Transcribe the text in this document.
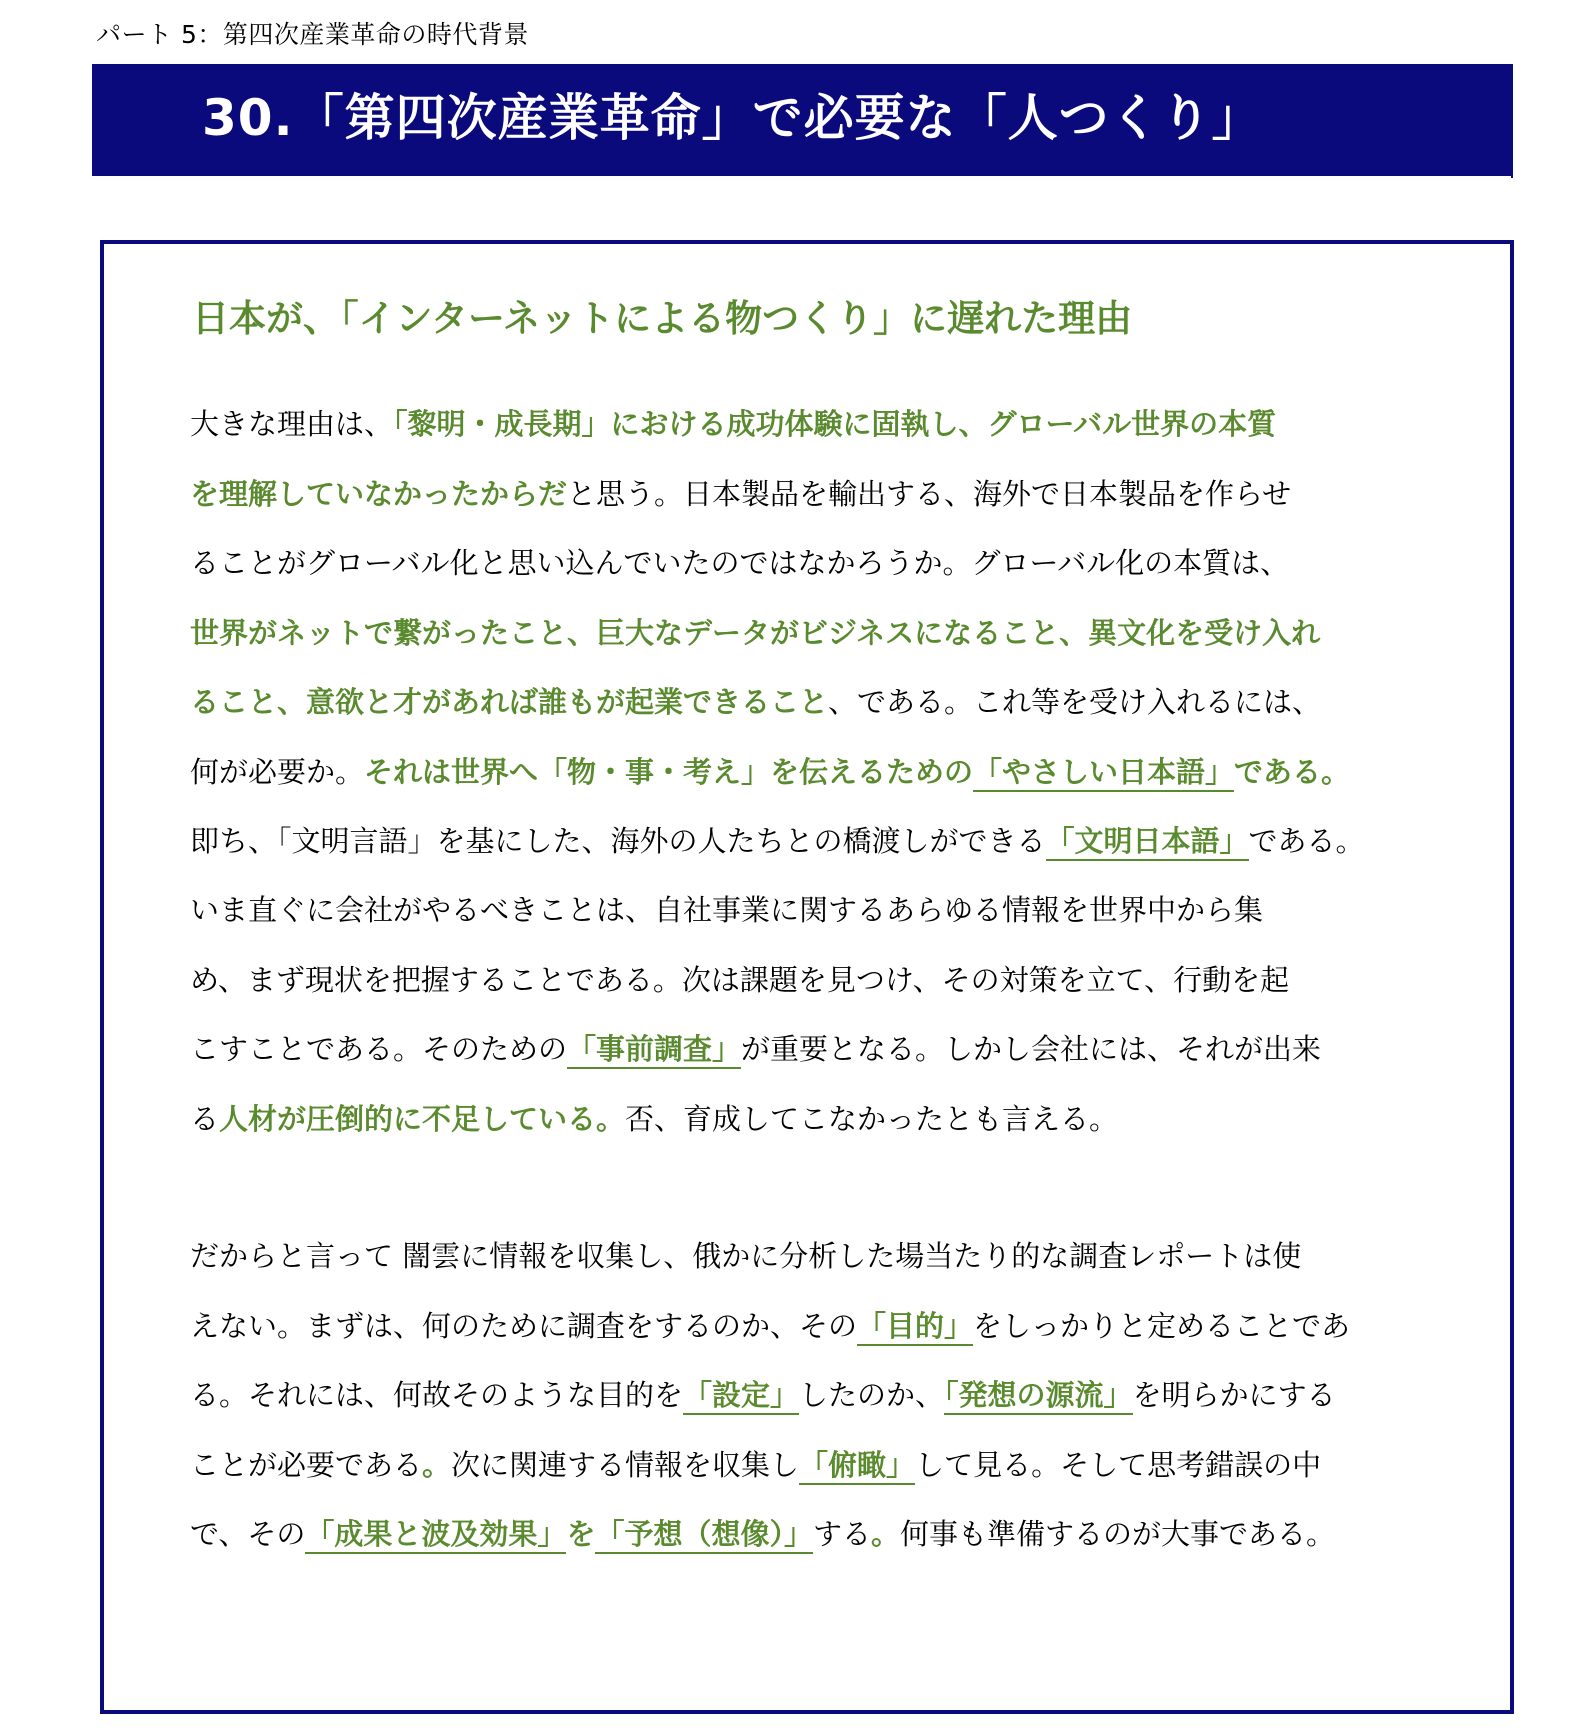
パート 5：第四次産業革命の時代背景
30.「第四次産業革命」で必要な「人つくり」
日本が、「インターネットによる物つくり」に遅れた理由
大きな理由は、「黎明・成長期」における成功体験に固執し、グローバル世界の本質
を理解していなかったからだと思う。日本製品を輸出する、海外で日本製品を作らせ
ることがグローバル化と思い込んでいたのではなかろうか。グローバル化の本質は、
世界がネットで繋がったこと、巨大なデータがビジネスになること、異文化を受け入れ
ること、意欲と才があれば誰もが起業できること、である。これ等を受け入れるには、
何が必要か。それは世界へ「物・事・考え」を伝えるための「やさしい日本語」である。
即ち、「文明言語」を基にした、海外の人たちとの橋渡しができる「文明日本語」である。
いま直ぐに会社がやるべきことは、自社事業に関するあらゆる情報を世界中から集
め、まず現状を把握することである。次は課題を見つけ、その対策を立て、行動を起
こすことである。そのための「事前調査」が重要となる。しかし会社には、それが出来
る人材が圧倒的に不足している。否、育成してこなかったとも言える。
だからと言って 闇雲に情報を収集し、俄かに分析した場当たり的な調査レポートは使
えない。まずは、何のために調査をするのか、その「目的」をしっかりと定めることであ
る。それには、何故そのような目的を「設定」したのか、「発想の源流」を明らかにする
ことが必要である。次に関連する情報を収集し「俯瞰」して見る。そして思考錯誤の中
で、その「成果と波及効果」を「予想（想像）」する。何事も準備するのが大事である。
